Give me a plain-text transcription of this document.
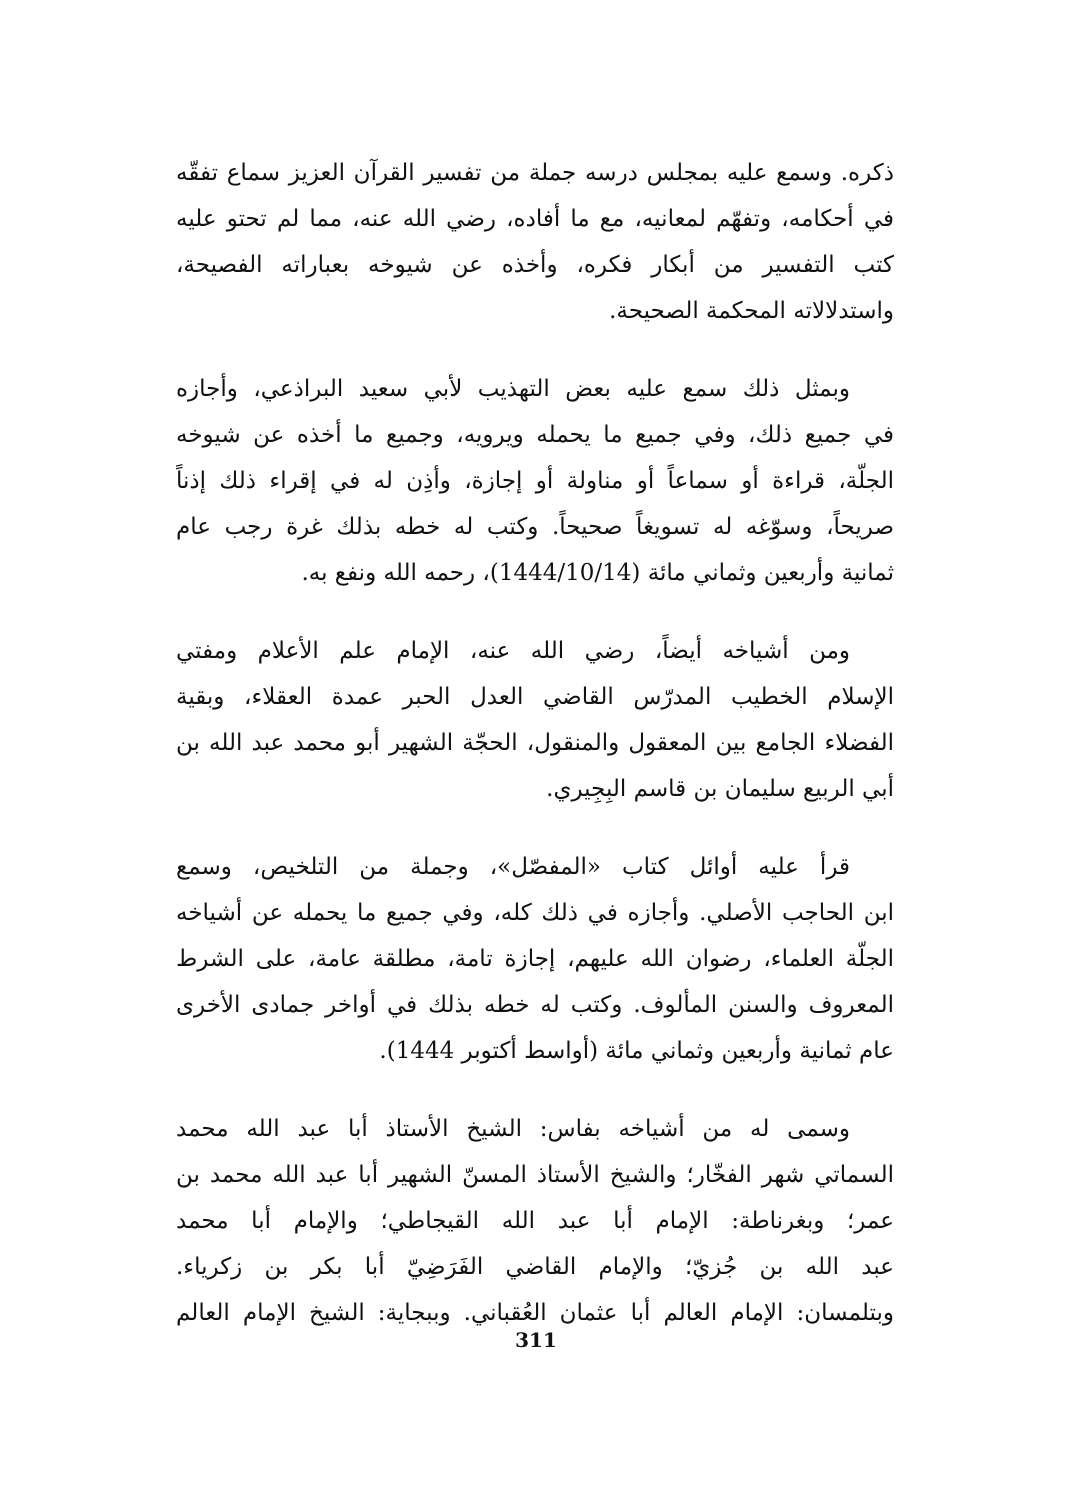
ذكره. وسمع عليه بمجلس درسه جملة من تفسير القرآن العزيز سماع تفقّه
في أحكامه، وتفهّم لمعانيه، مع ما أفاده، رضي الله عنه، مما لم تحتو عليه
كتب التفسير من أبكار فكره، وأخذه عن شيوخه بعباراته الفصيحة،
واستدلالاته المحكمة الصحيحة.

وبمثل ذلك سمع عليه بعض التهذيب لأبي سعيد البراذعي، وأجازه
في جميع ذلك، وفي جميع ما يحمله ويرويه، وجميع ما أخذه عن شيوخه
الجلّة، قراءة أو سماعاً أو مناولة أو إجازة، وأذِن له في إقراء ذلك إذناً
صريحاً، وسوّغه له تسويغاً صحيحاً. وكتب له خطه بذلك غرة رجب عام
ثمانية وأربعين وثماني مائة (1444/10/14)، رحمه الله ونفع به.

ومن أشياخه أيضاً، رضي الله عنه، الإمام علم الأعلام ومفتي
الإسلام الخطيب المدرّس القاضي العدل الحبر عمدة العقلاء، وبقية
الفضلاء الجامع بين المعقول والمنقول، الحجّة الشهير أبو محمد عبد الله بن
أبي الربيع سليمان بن قاسم البِجِيري.

قرأ عليه أوائل كتاب «المفصّل»، وجملة من التلخيص، وسمع
ابن الحاجب الأصلي. وأجازه في ذلك كله، وفي جميع ما يحمله عن أشياخه
الجلّة العلماء، رضوان الله عليهم، إجازة تامة، مطلقة عامة، على الشرط
المعروف والسنن المألوف. وكتب له خطه بذلك في أواخر جمادى الأخرى
عام ثمانية وأربعين وثماني مائة (أواسط أكتوبر 1444).

وسمى له من أشياخه بفاس: الشيخ الأستاذ أبا عبد الله محمد
السماتي شهر الفخّار؛ والشيخ الأستاذ المسنّ الشهير أبا عبد الله محمد بن
عمر؛ وبغرناطة: الإمام أبا عبد الله القيجاطي؛ والإمام أبا محمد
عبد الله بن جُزيّ؛ والإمام القاضي الفَرَضِيّ أبا بكر بن زكرياء.
وبتلمسان: الإمام العالم أبا عثمان العُقباني. وببجاية: الشيخ الإمام العالم

311
